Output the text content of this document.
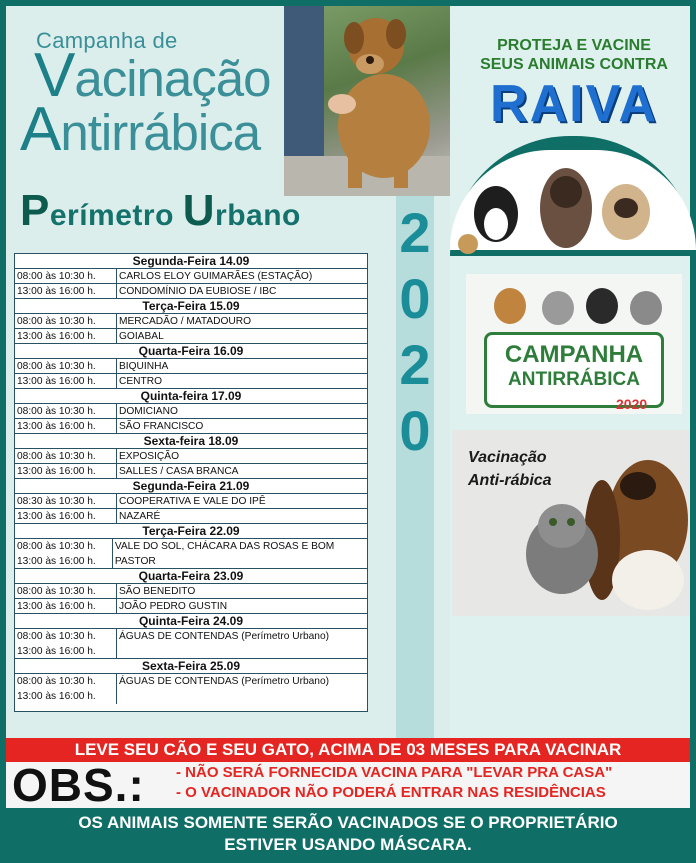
Campanha de
Vacinação
Antirrábica
Perímetro Urbano 2
0
2
0
Segunda-Feira 14.09
08:00 às 10:30 h.	CARLOS ELOY GUIMARÃES (ESTAÇÃO)
13:00 às 16:00 h.	CONDOMÍNIO DA EUBIOSE / IBC
Terça-Feira 15.09
08:00 às 10:30 h.	MERCADÃO / MATADOURO
13:00 às 16:00 h.	GOIABAL
Quarta-Feira 16.09
08:00 às 10:30 h.	BIQUINHA
13:00 às 16:00 h.	CENTRO
Quinta-feira 17.09
08:00 às 10:30 h.	DOMICIANO
13:00 às 16:00 h.	SÃO FRANCISCO
Sexta-feira 18.09
08:00 às 10:30 h.	EXPOSIÇÃO
13:00 às 16:00 h.	SALLES / CASA BRANCA
Segunda-Feira 21.09
08:30 às 10:30 h.	COOPERATIVA E VALE DO IPÊ
13:00 às 16:00 h.	NAZARÉ
Terça-Feira 22.09
08:00 às 10:30 h.
13:00 às 16:00 h.
VALE DO SOL, CHÁCARA DAS ROSAS E BOM PASTOR
Quarta-Feira 23.09
08:00 às 10:30 h.	SÃO BENEDITO
13:00 às 16:00 h.	JOÃO PEDRO GUSTIN
Quinta-Feira 24.09
08:00 às 10:30 h.
13:00 às 16:00 h.
ÁGUAS DE CONTENDAS (Perímetro Urbano)
Sexta-Feira 25.09
08:00 às 10:30 h.
13:00 às 16:00 h.
ÁGUAS DE CONTENDAS (Perímetro Urbano)
PROTEJA E VACINE
SEUS ANIMAIS CONTRA
RAIVA
CAMPANHA
ANTIRRÁBICA
2020
Vacinação
Anti-rábica
LEVE SEU CÃO E SEU GATO, ACIMA DE 03 MESES PARA VACINAR
OBS.: - NÃO SERÁ FORNECIDA VACINA PARA "LEVAR PRA CASA"
- O VACINADOR NÃO PODERÁ ENTRAR NAS RESIDÊNCIAS
OS ANIMAIS SOMENTE SERÃO VACINADOS SE O PROPRIETÁRIO
ESTIVER USANDO MÁSCARA.
